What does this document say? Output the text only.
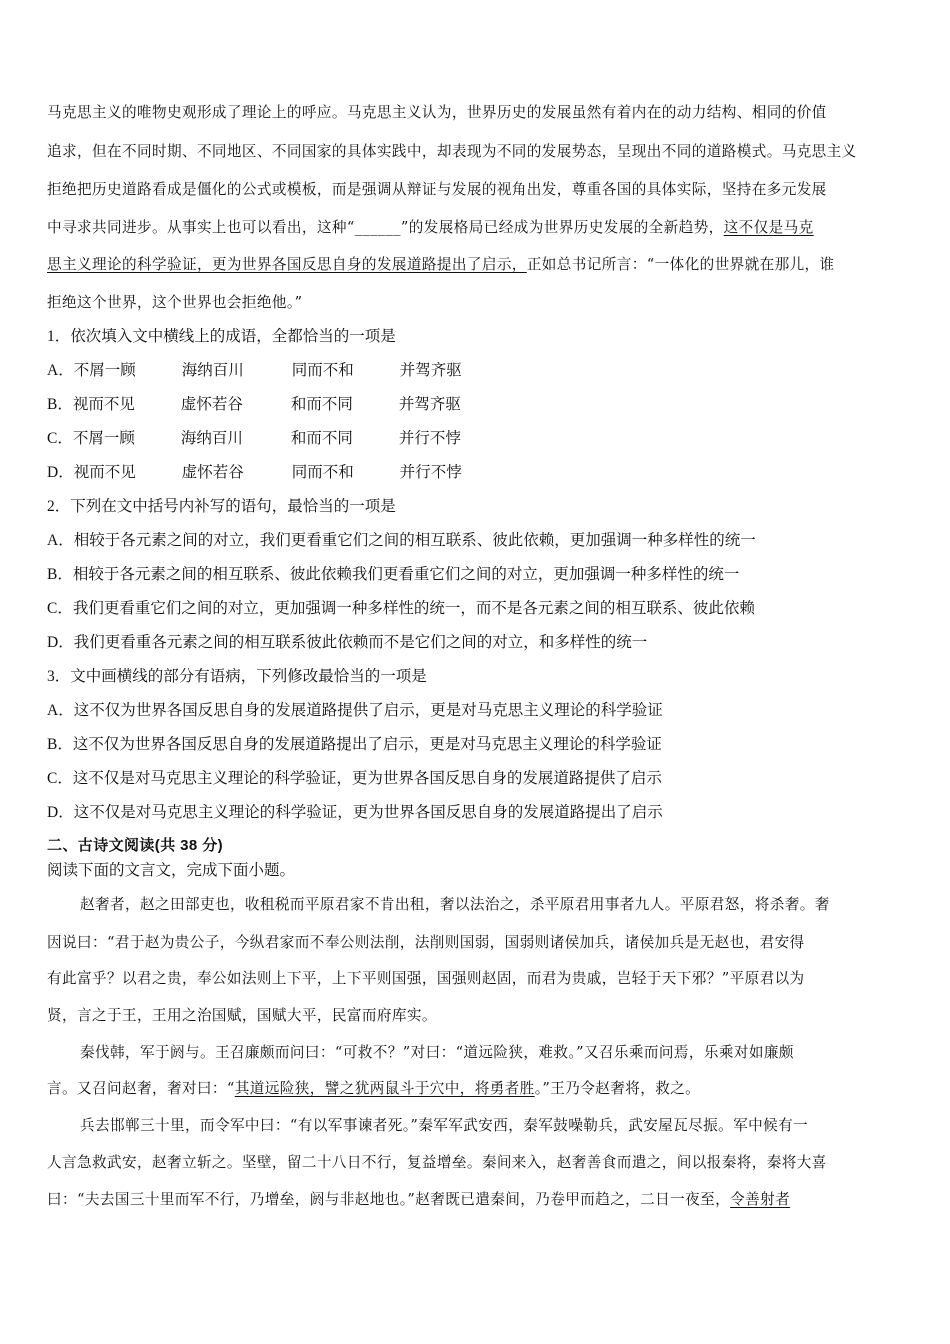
马克思主义的唯物史观形成了理论上的呼应。马克思主义认为，世界历史的发展虽然有着内在的动力结构、相同的价值
追求，但在不同时期、不同地区、不同国家的具体实践中，却表现为不同的发展势态，呈现出不同的道路模式。马克思主义
拒绝把历史道路看成是僵化的公式或模板，而是强调从辩证与发展的视角出发，尊重各国的具体实际，坚持在多元发展
中寻求共同进步。从事实上也可以看出，这种“______”的发展格局已经成为世界历史发展的全新趋势，这不仅是马克
思主义理论的科学验证，更为世界各国反思自身的发展道路提出了启示，正如总书记所言：“一体化的世界就在那儿，谁
拒绝这个世界，这个世界也会拒绝他。”
1．依次填入文中横线上的成语，全都恰当的一项是
A．不屑一顾	海纳百川	同而不和	并驾齐驱
B．视而不见	虚怀若谷	和而不同	并驾齐驱
C．不屑一顾	海纳百川	和而不同	并行不悖
D．视而不见	虚怀若谷	同而不和	并行不悖
2．下列在文中括号内补写的语句，最恰当的一项是
A．相较于各元素之间的对立，我们更看重它们之间的相互联系、彼此依赖，更加强调一种多样性的统一
B．相较于各元素之间的相互联系、彼此依赖我们更看重它们之间的对立，更加强调一种多样性的统一
C．我们更看重它们之间的对立，更加强调一种多样性的统一，而不是各元素之间的相互联系、彼此依赖
D．我们更看重各元素之间的相互联系彼此依赖而不是它们之间的对立，和多样性的统一
3．文中画横线的部分有语病，下列修改最恰当的一项是
A．这不仅为世界各国反思自身的发展道路提供了启示，更是对马克思主义理论的科学验证
B．这不仅为世界各国反思自身的发展道路提出了启示，更是对马克思主义理论的科学验证
C．这不仅是对马克思主义理论的科学验证，更为世界各国反思自身的发展道路提供了启示
D．这不仅是对马克思主义理论的科学验证，更为世界各国反思自身的发展道路提出了启示
二、古诗文阅读(共 38 分)
阅读下面的文言文，完成下面小题。
赵奢者，赵之田部吏也，收租税而平原君家不肯出租，奢以法治之，杀平原君用事者九人。平原君怒，将杀奢。奢
因说曰：“君于赵为贵公子，今纵君家而不奉公则法削，法削则国弱，国弱则诸侯加兵，诸侯加兵是无赵也，君安得
有此富乎？以君之贵，奉公如法则上下平，上下平则国强，国强则赵固，而君为贵戚，岂轻于天下邪？”平原君以为
贤，言之于王，王用之治国赋，国赋大平，民富而府库实。
秦伐韩，军于阏与。王召廉颇而问曰：“可救不？”对曰：“道远险狭，难救。”又召乐乘而问焉，乐乘对如廉颇
言。又召问赵奢，奢对曰：“其道远险狭，譬之犹两鼠斗于穴中，将勇者胜。”王乃令赵奢将，救之。
兵去邯郸三十里，而令军中曰：“有以军事谏者死。”秦军军武安西，秦军鼓噪勒兵，武安屋瓦尽振。军中候有一
人言急救武安，赵奢立斩之。坚壁，留二十八日不行，复益增垒。秦间来入，赵奢善食而遣之，间以报秦将，秦将大喜
曰：“夫去国三十里而军不行，乃增垒，阏与非赵地也。”赵奢既已遣秦间，乃卷甲而趋之，二日一夜至，令善射者
